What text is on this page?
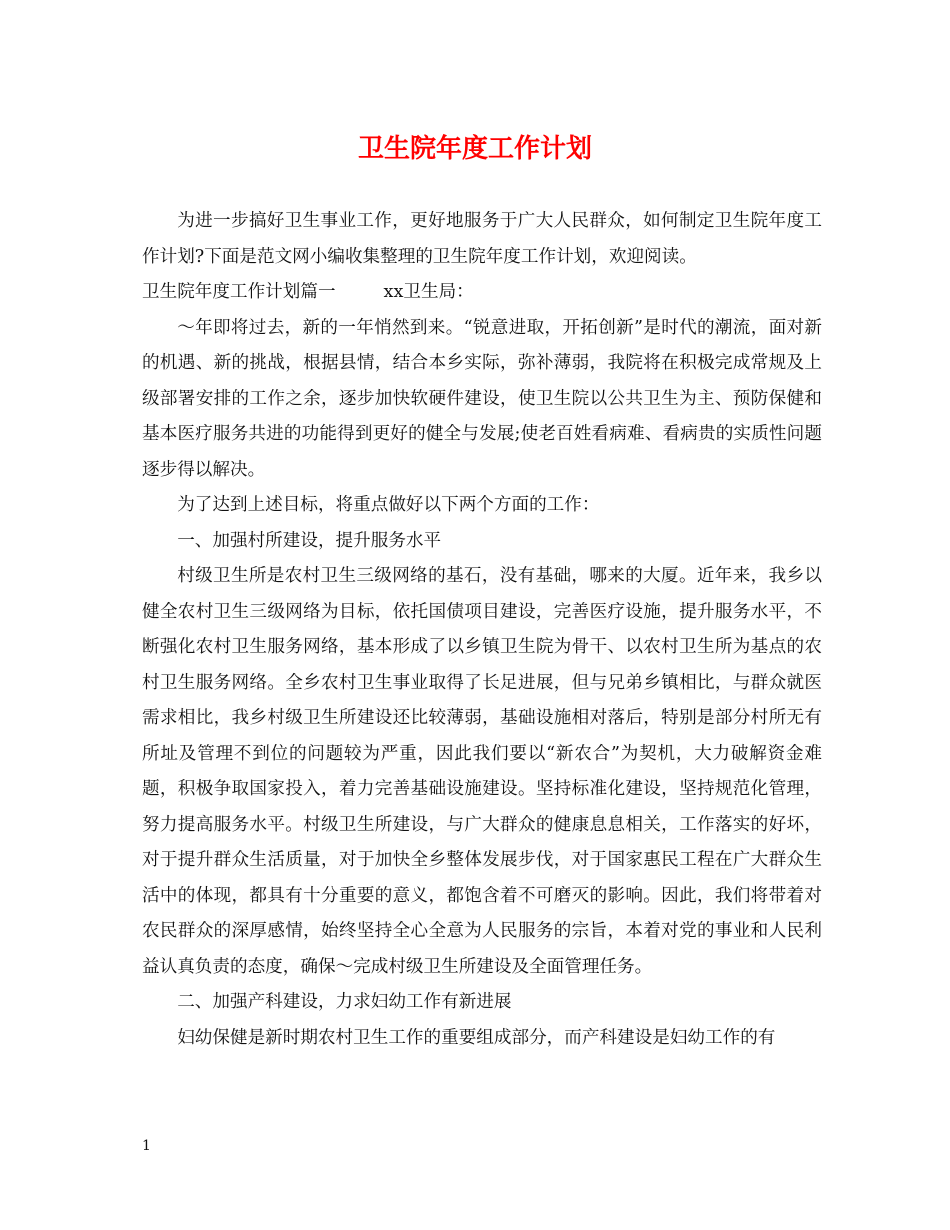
卫生院年度工作计划

为进一步搞好卫生事业工作，更好地服务于广大人民群众，如何制定卫生院年度工作计划?下面是范文网小编收集整理的卫生院年度工作计划，欢迎阅读。

卫生院年度工作计划篇一	xx卫生局：

～年即将过去，新的一年悄然到来。“锐意进取，开拓创新”是时代的潮流，面对新的机遇、新的挑战，根据县情，结合本乡实际，弥补薄弱，我院将在积极完成常规及上级部署安排的工作之余，逐步加快软硬件建设，使卫生院以公共卫生为主、预防保健和基本医疗服务共进的功能得到更好的健全与发展;使老百姓看病难、看病贵的实质性问题逐步得以解决。

为了达到上述目标，将重点做好以下两个方面的工作：

一、加强村所建设，提升服务水平

村级卫生所是农村卫生三级网络的基石，没有基础，哪来的大厦。近年来，我乡以健全农村卫生三级网络为目标，依托国债项目建设，完善医疗设施，提升服务水平，不断强化农村卫生服务网络，基本形成了以乡镇卫生院为骨干、以农村卫生所为基点的农村卫生服务网络。全乡农村卫生事业取得了长足进展，但与兄弟乡镇相比，与群众就医需求相比，我乡村级卫生所建设还比较薄弱，基础设施相对落后，特别是部分村所无有所址及管理不到位的问题较为严重，因此我们要以“新农合”为契机，大力破解资金难题，积极争取国家投入，着力完善基础设施建设。坚持标准化建设，坚持规范化管理，努力提高服务水平。村级卫生所建设，与广大群众的健康息息相关，工作落实的好坏，对于提升群众生活质量，对于加快全乡整体发展步伐，对于国家惠民工程在广大群众生活中的体现，都具有十分重要的意义，都饱含着不可磨灭的影响。因此，我们将带着对农民群众的深厚感情，始终坚持全心全意为人民服务的宗旨，本着对党的事业和人民利益认真负责的态度，确保～完成村级卫生所建设及全面管理任务。

二、加强产科建设，力求妇幼工作有新进展

妇幼保健是新时期农村卫生工作的重要组成部分，而产科建设是妇幼工作的有

1
